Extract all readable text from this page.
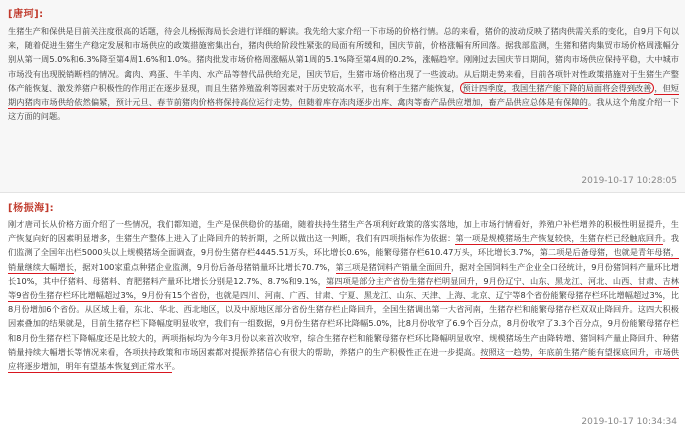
[唐珂]:
生猪生产和保供是目前关注度很高的话题，待会儿杨振海局长会进行详细的解读。我先给大家介绍一下市场的价格行情。总的来看，猪价的波动反映了猪肉供需关系的变化，自9月下旬以来，随着促进生猪生产稳定发展和市场供应的政策措施密集出台，猪肉供给阶段性紧张的局面有所缓和，国庆节前，价格涨幅有所回落。据我部监测，生猪和猪肉集贸市场价格周涨幅分别从第一周5.0%和6.3%降至第4周1.6%和1.0%。猪肉批发市场价格周涨幅从第1周的5.1%降至第4周的0.2%，涨幅趋窄。刚刚过去国庆节日期间，猪肉市场供应保持平稳，大中城市市场没有出现脱销断档的情况。禽肉、鸡蛋、牛羊肉、水产品等替代品供给充足，国庆节后，生猪市场价格出现了一些波动。从后期走势来看，目前各项针对性政策措施对于生猪生产整体产能恢复、激发养猪户积极性的作用正在逐步显现，而且生猪养殖盈利等因素对于历史较高水平，也有利于生猪产能恢复， 预计四季度，我国生猪产能下降的局面将会得到改善 ，但短期内猪肉市场供给依然偏紧，预计元旦、春节前猪肉价格将保持高位运行走势，但随着库存冻肉逐步出库、禽肉等畜产品供应增加，畜产品供应总体是有保障的。我从这个角度介绍一下这方面的问题。
2019-10-17 10:28:05
[杨振海]:
刚才唐司长从价格方面介绍了一些情况，我们都知道，生产是保供稳价的基础，随着扶持生猪生产各项利好政策的落实落地，加上市场行情看好，养殖户补栏增养的积极性明显提升，生产恢复向好的因素明显增多，生猪生产整体上进入了止降回升的转折期，之所以做出这一判断，我们有四项指标作为依据：第一项是规模猪场生产恢复较快，生猪存栏已经触底回升。我们监测了全国年出栏5000头以上规模猪场全面调查，9月份生猪存栏4445.51万头，环比增长0.6%，能繁母猪存栏610.47万头，环比增长3.7%，第二项是后备母猪，也就是青年母猪，销量继续大幅增长，据对100家重点种猪企业监测，9月份后备母猪销量环比增长70.7%，第三项是猪饲料产销量全面回升，据对全国饲料生产企业全口径统计，9月份猪饲料产量环比增长10%，其中仔猪料、母猪料、育肥猪料产量环比增长分别是12.7%、8.7%和9.1%，第四项是部分主产省份生猪存栏明显回升，9月份辽宁、山东、黑龙江、河北、山西、甘肃、吉林等9省份生猪存栏环比增幅超过3%，9月份有15个省份，也就是四川、河南、广西、甘肃、宁夏、黑龙江、山东、天津、上海、北京、辽宁等8个省份能繁母猪存栏环比增幅超过3%，比8月份增加6个省份。从区域上看，东北、华北、西北地区，以及中原地区部分省份生猪存栏止降回升，全国生猪调出第一大省河南，生猪存栏和能繁母猪存栏双双止降回升。这四大积极因素叠加的结果就是，目前生猪存栏下降幅度明显收窄，我们有一组数据，9月份生猪存栏环比降幅5.0%，比8月份收窄了6.9个百分点，8月份收窄了3.3个百分点，9月份能繁母猪存栏和8月份生猪存栏下降幅度还是比较大的，两项指标均为今年3月份以来首次收窄，综合生猪存栏和能繁母猪存栏环比降幅明显收窄、规模猪场生产由降转增、猪饲料产量止降回升、种猪销量持续大幅增长等情况来看，各项扶持政策和市场因素都对提振养猪信心有很大的帮助，养猪户的生产积极性正在进一步提高。按照这一趋势，年底前生猪产能有望探底回升，市场供应将逐步增加，明年有望基本恢复到正常水平。
2019-10-17 10:34:34
